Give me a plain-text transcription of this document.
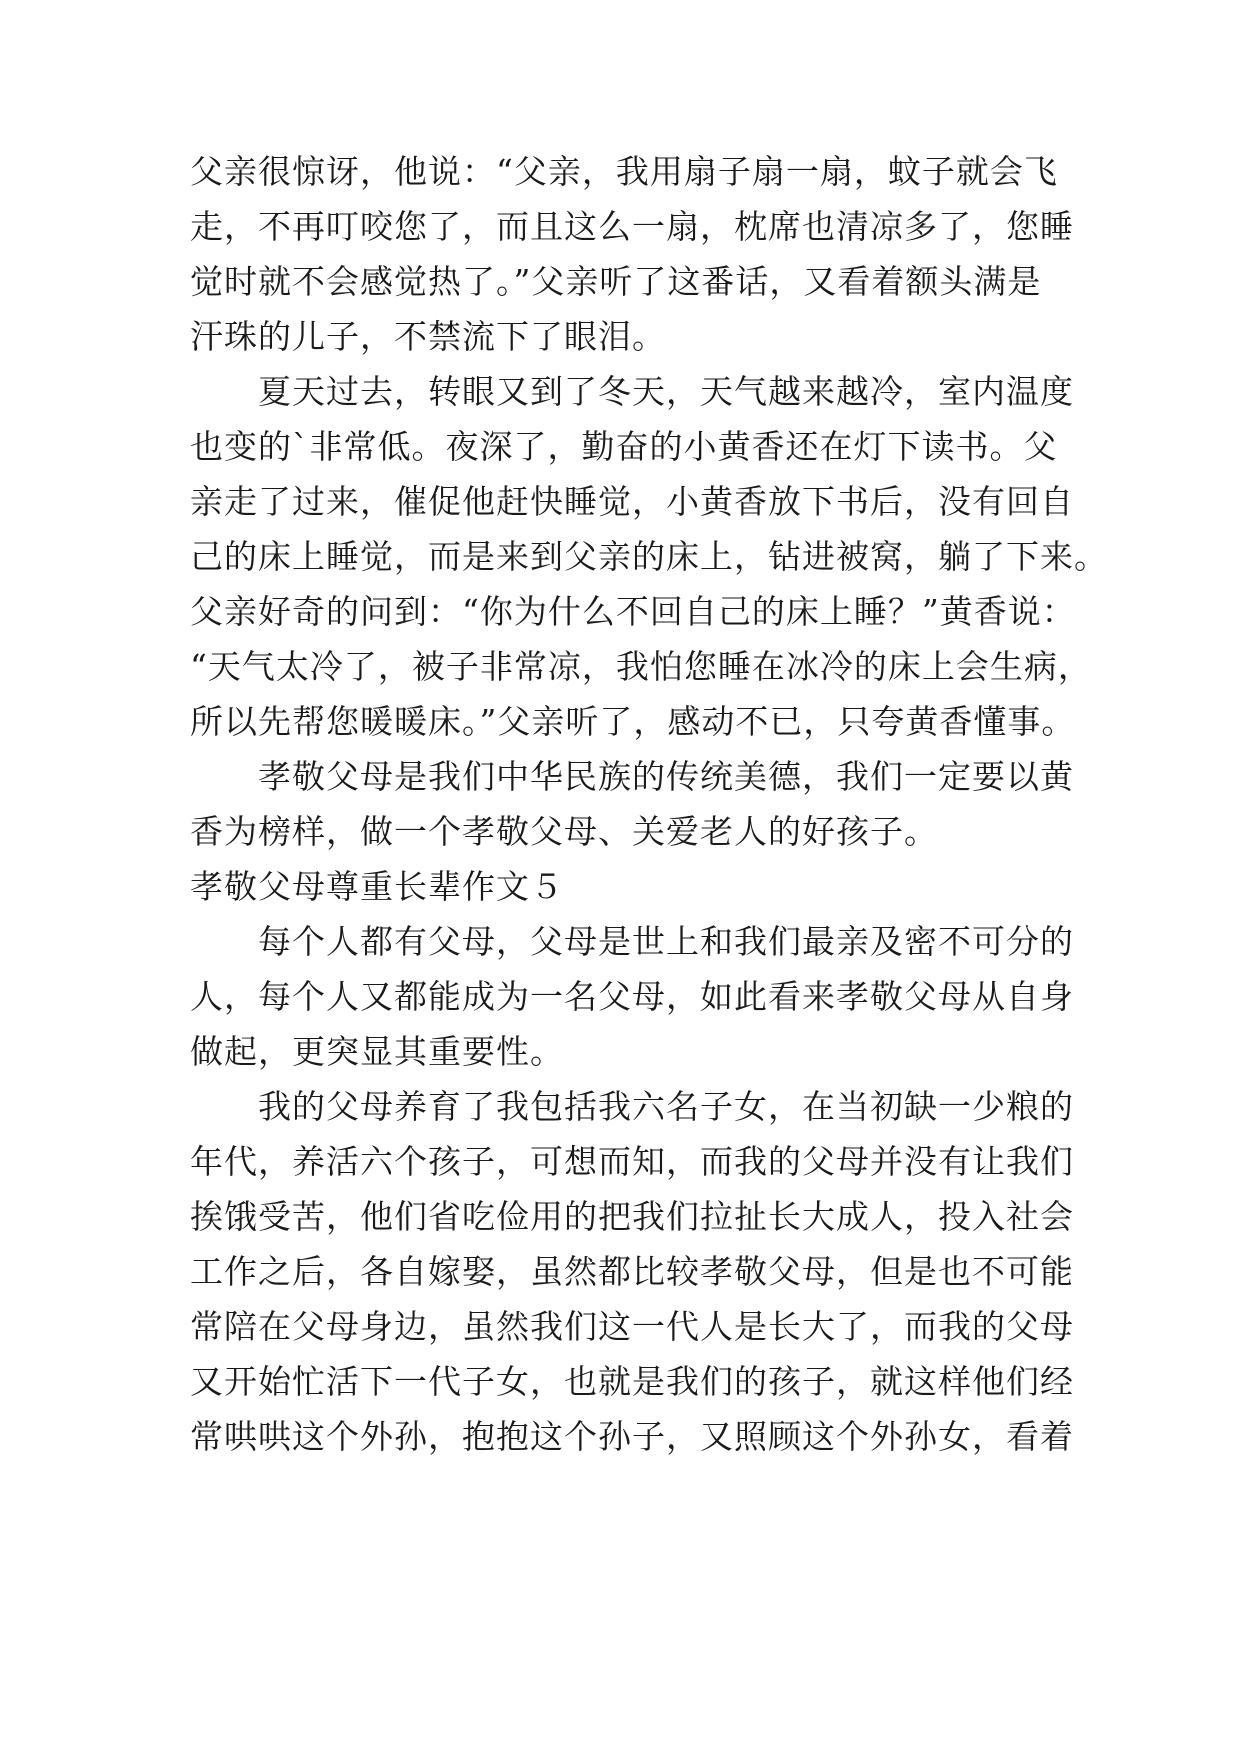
父亲很惊讶，他说：“父亲，我用扇子扇一扇，蚊子就会飞
走，不再叮咬您了，而且这么一扇，枕席也清凉多了，您睡
觉时就不会感觉热了。”父亲听了这番话，又看着额头满是
汗珠的儿子，不禁流下了眼泪。
夏天过去，转眼又到了冬天，天气越来越冷，室内温度
也变的`非常低。夜深了，勤奋的小黄香还在灯下读书。父
亲走了过来，催促他赶快睡觉，小黄香放下书后，没有回自
己的床上睡觉，而是来到父亲的床上，钻进被窝，躺了下来。
父亲好奇的问到：“你为什么不回自己的床上睡？”黄香说：
“天气太冷了，被子非常凉，我怕您睡在冰冷的床上会生病，
所以先帮您暖暖床。”父亲听了，感动不已，只夸黄香懂事。
孝敬父母是我们中华民族的传统美德，我们一定要以黄
香为榜样，做一个孝敬父母、关爱老人的好孩子。
孝敬父母尊重长辈作文５
每个人都有父母，父母是世上和我们最亲及密不可分的
人，每个人又都能成为一名父母，如此看来孝敬父母从自身
做起，更突显其重要性。
我的父母养育了我包括我六名子女，在当初缺一少粮的
年代，养活六个孩子，可想而知，而我的父母并没有让我们
挨饿受苦，他们省吃俭用的把我们拉扯长大成人，投入社会
工作之后，各自嫁娶，虽然都比较孝敬父母，但是也不可能
常陪在父母身边，虽然我们这一代人是长大了，而我的父母
又开始忙活下一代子女，也就是我们的孩子，就这样他们经
常哄哄这个外孙，抱抱这个孙子，又照顾这个外孙女，看着
